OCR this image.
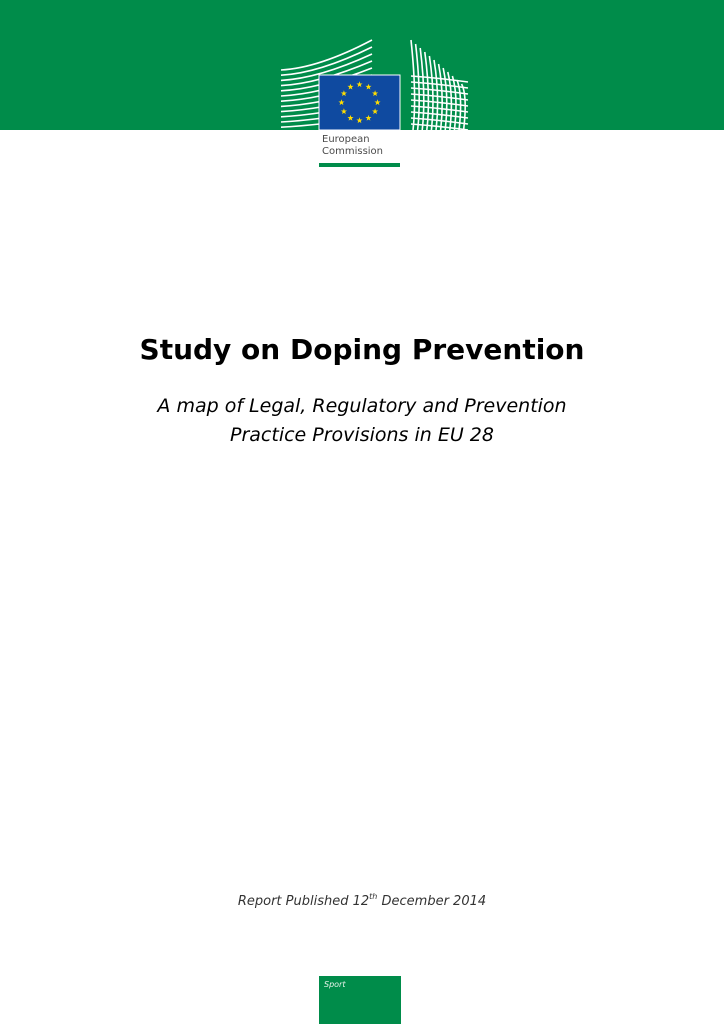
European
Commission
Study on Doping Prevention
A map of Legal, Regulatory and Prevention
Practice Provisions in EU 28
Report Published 12th December 2014
Sport
